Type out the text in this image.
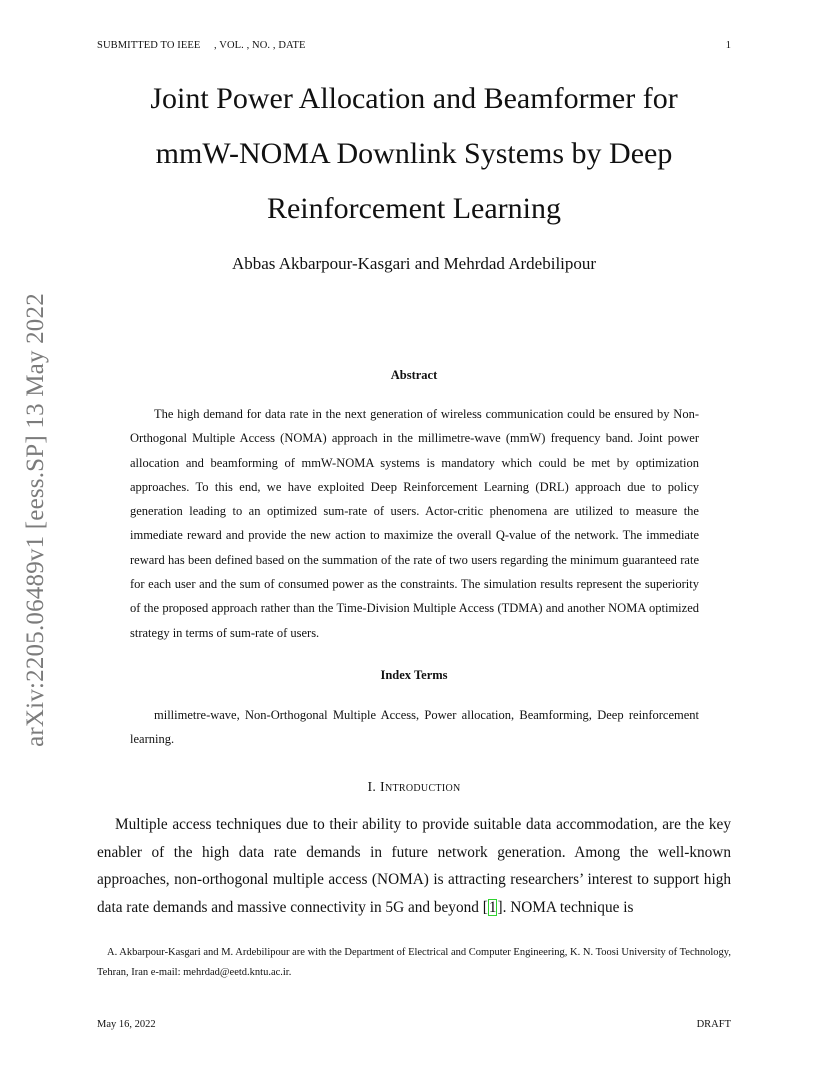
SUBMITTED TO IEEE     , VOL. , NO. , DATE	1
Joint Power Allocation and Beamformer for
mmW-NOMA Downlink Systems by Deep
Reinforcement Learning
Abbas Akbarpour-Kasgari and Mehrdad Ardebilipour
arXiv:2205.06489v1 [eess.SP] 13 May 2022	Abstract
The high demand for data rate in the next generation of wireless communication could be ensured by Non-Orthogonal Multiple Access (NOMA) approach in the millimetre-wave (mmW) frequency band. Joint power allocation and beamforming of mmW-NOMA systems is mandatory which could be met by optimization approaches. To this end, we have exploited Deep Reinforcement Learning (DRL) approach due to policy generation leading to an optimized sum-rate of users. Actor-critic phenomena are utilized to measure the immediate reward and provide the new action to maximize the overall Q-value of the network. The immediate reward has been defined based on the summation of the rate of two users regarding the minimum guaranteed rate for each user and the sum of consumed power as the constraints. The simulation results represent the superiority of the proposed approach rather than the Time-Division Multiple Access (TDMA) and another NOMA optimized strategy in terms of sum-rate of users.
Index Terms
millimetre-wave, Non-Orthogonal Multiple Access, Power allocation, Beamforming, Deep reinforcement learning.
I. Introduction
Multiple access techniques due to their ability to provide suitable data accommodation, are the key enabler of the high data rate demands in future network generation. Among the well-known approaches, non-orthogonal multiple access (NOMA) is attracting researchers’ interest to support high data rate demands and massive connectivity in 5G and beyond [1]. NOMA technique is
A. Akbarpour-Kasgari and M. Ardebilipour are with the Department of Electrical and Computer Engineering, K. N. Toosi University of Technology, Tehran, Iran e-mail: mehrdad@eetd.kntu.ac.ir.
May 16, 2022	DRAFT
